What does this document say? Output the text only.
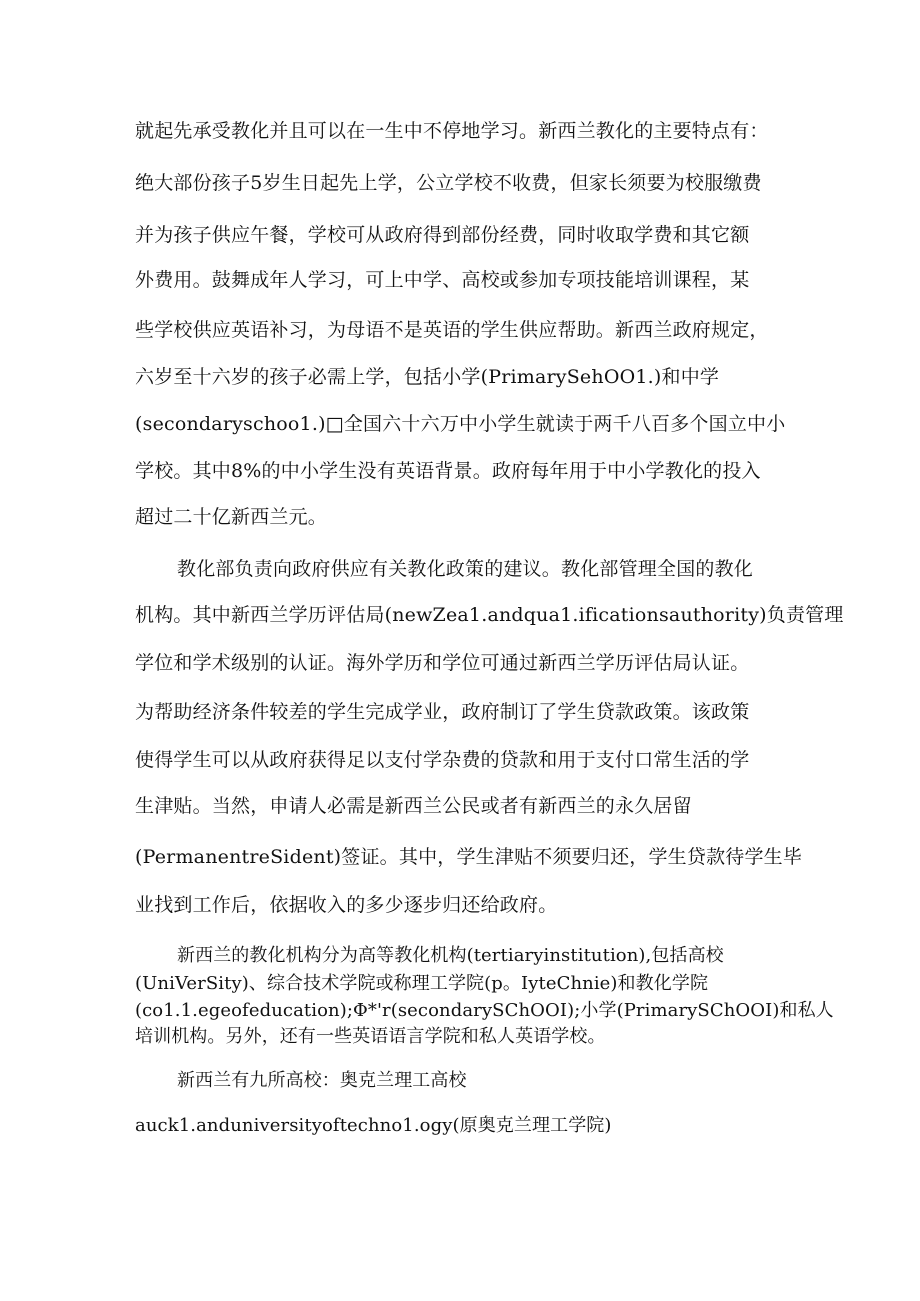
就起先承受教化并且可以在一生中不停地学习。新西兰教化的主要特点有：
绝大部份孩子5岁生日起先上学，公立学校不收费，但家长须要为校服缴费
并为孩子供应午餐，学校可从政府得到部份经费，同时收取学费和其它额
外费用。鼓舞成年人学习，可上中学、高校或参加专项技能培训课程，某
些学校供应英语补习，为母语不是英语的学生供应帮助。新西兰政府规定，
六岁至十六岁的孩子必需上学，包括小学(PrimarySehOO1.)和中学
(secondaryschoo1.)□全国六十六万中小学生就读于两千八百多个国立中小
学校。其中8%的中小学生没有英语背景。政府每年用于中小学教化的投入
超过二十亿新西兰元。
教化部负责向政府供应有关教化政策的建议。教化部管理全国的教化
机构。其中新西兰学历评估局(newZea1.andqua1.ificationsauthority)负责管理
学位和学术级别的认证。海外学历和学位可通过新西兰学历评估局认证。
为帮助经济条件较差的学生完成学业，政府制订了学生贷款政策。该政策
使得学生可以从政府获得足以支付学杂费的贷款和用于支付口常生活的学
生津贴。当然，申请人必需是新西兰公民或者有新西兰的永久居留
(PermanentreSident)签证。其中，学生津贴不须要归还，学生贷款待学生毕
业找到工作后，依据收入的多少逐步归还给政府。
新西兰的教化机构分为高等教化机构(tertiaryinstitution),包括高校
(UniVerSity)、综合技术学院或称理工学院(p。IyteChnie)和教化学院
(co1.1.egeofeducation);Φ*'r(secondarySChOOI);小学(PrimarySChOOI)和私人
培训机构。另外，还有一些英语语言学院和私人英语学校。
新西兰有九所高校：奥克兰理工高校
auck1.anduniversityoftechno1.ogy(原奥克兰理工学院)
